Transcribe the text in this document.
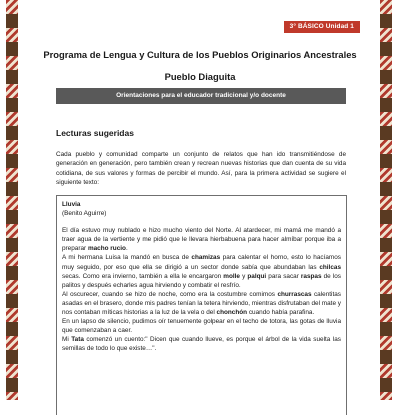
3° BÁSICO Unidad 1
Programa de Lengua y Cultura de los Pueblos Originarios Ancestrales
Pueblo Diaguita
Orientaciones para el educador tradicional y/o docente
Lecturas sugeridas

Cada pueblo y comunidad comparte un conjunto de relatos que han ido transmitiéndose de generación en generación, pero también crean y recrean nuevas historias que dan cuenta de su vida cotidiana, de sus valores y formas de percibir el mundo. Así, para la primera actividad se sugiere el siguiente texto:

Lluvia
(Benito Aguirre)

El día estuvo muy nublado e hizo mucho viento del Norte. Al atardecer, mi mamá me mandó a traer agua de la vertiente y me pidió que le llevara hierbabuena para hacer almíbar porque iba a preparar macho rucio.

A mi hermana Luisa la mandó en busca de chamizas para calentar el horno, esto lo hacíamos muy seguido, por eso que ella se dirigió a un sector donde sabía que abundaban las chilcas secas. Como era invierno, también a ella le encargaron molle y palqui para sacar raspas de los palitos y después echarles agua hirviendo y combatir el resfrío.

Al oscurecer, cuando se hizo de noche, como era la costumbre comimos churrascas calentitas asadas en el brasero, donde mis padres tenían la tetera hirviendo, mientras disfrutaban del mate y nos contaban míticas historias a la luz de la vela o del chonchón cuando había parafina.

En un lapso de silencio, pudimos oír tenuemente golpear en el techo de totora, las gotas de lluvia que comenzaban a caer.

Mi Tata comenzó un cuento:" Dicen que cuando llueve, es porque el árbol de la vida suelta las semillas de todo lo que existe…".
